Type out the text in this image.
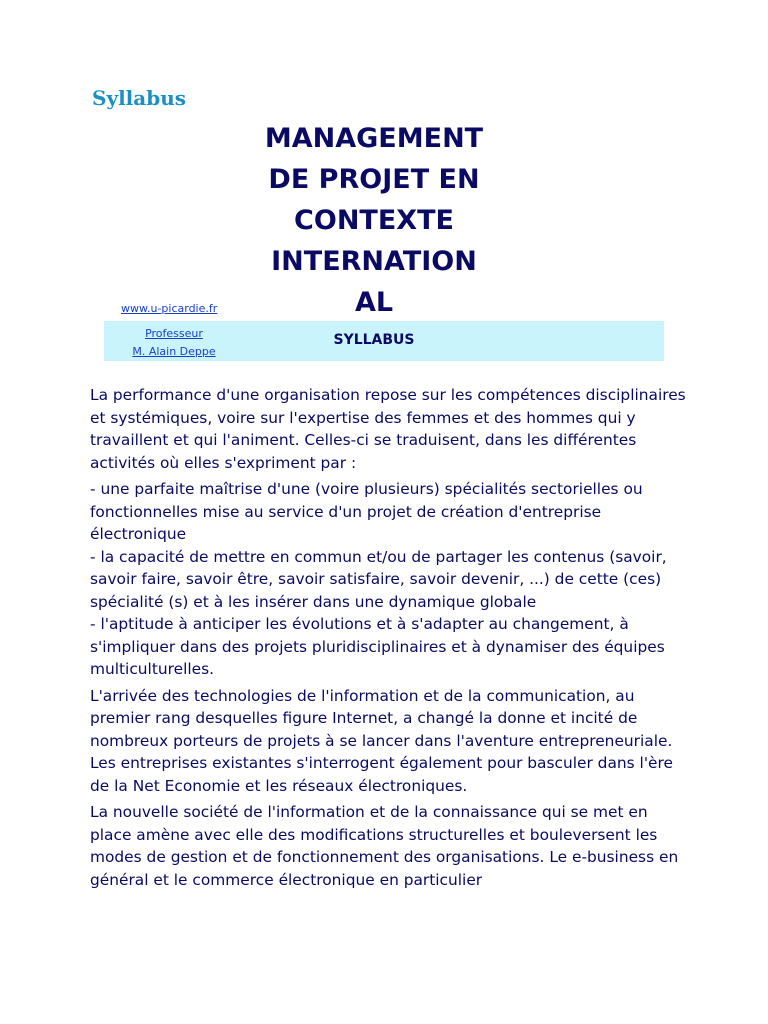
Syllabus
MANAGEMENT
DE PROJET EN
CONTEXTE
INTERNATION
AL
www.u-picardie.fr
Professeur
M. Alain Deppe
SYLLABUS

La performance d'une organisation repose sur les compétences disciplinaires et systémiques, voire sur l'expertise des femmes et des hommes qui y travaillent et qui l'animent. Celles-ci se traduisent, dans les différentes activités où elles s'expriment par :

- une parfaite maîtrise d'une (voire plusieurs) spécialités sectorielles ou fonctionnelles mise au service d'un projet de création d'entreprise électronique

- la capacité de mettre en commun et/ou de partager les contenus (savoir, savoir faire, savoir être, savoir satisfaire, savoir devenir, ...) de cette (ces) spécialité (s) et à les insérer dans une dynamique globale

- l'aptitude à anticiper les évolutions et à s'adapter au changement, à s'impliquer dans des projets pluridisciplinaires et à dynamiser des équipes multiculturelles.

L'arrivée des technologies de l'information et de la communication, au premier rang desquelles figure Internet, a changé la donne et incité de nombreux porteurs de projets à se lancer dans l'aventure entrepreneuriale. Les entreprises existantes s'interrogent également pour basculer dans l'ère de la Net Economie et les réseaux électroniques.

La nouvelle société de l'information et de la connaissance qui se met en place amène avec elle des modifications structurelles et bouleversent les modes de gestion et de fonctionnement des organisations. Le e-business en général et le commerce électronique en particulier
